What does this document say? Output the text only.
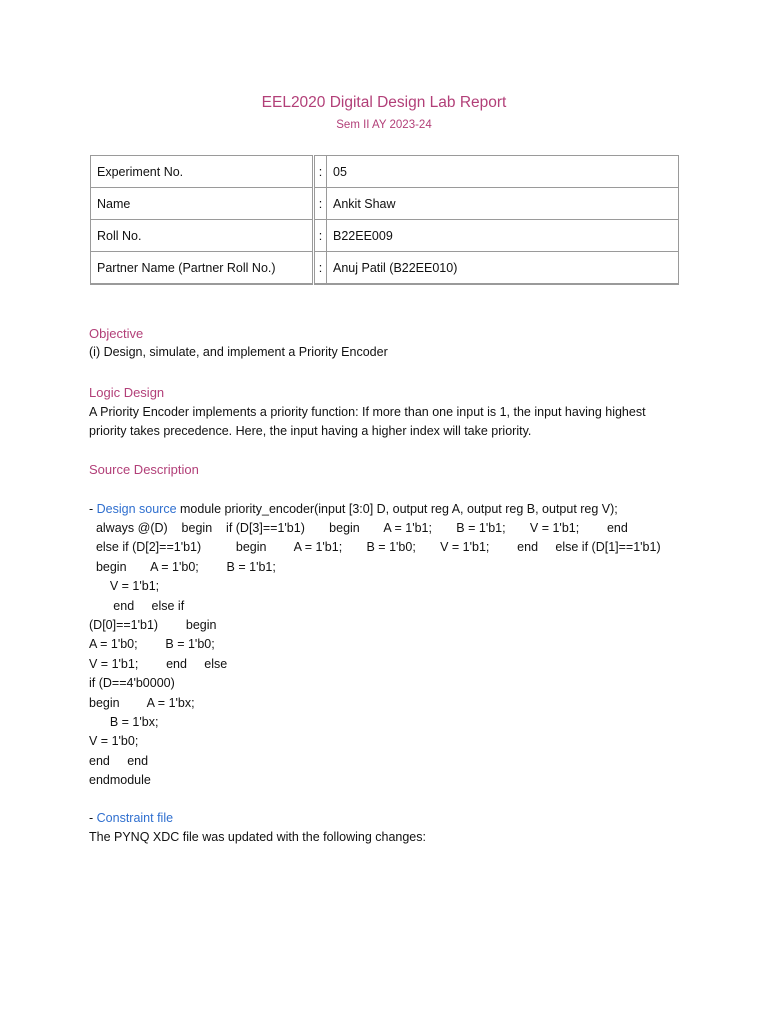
EEL2020 Digital Design Lab Report
Sem II AY 2023-24
Experiment No.	:	05
Name	:	Ankit Shaw
Roll No.	:	B22EE009
Partner Name (Partner Roll No.)	:	Anuj Patil (B22EE010)
Objective
(i) Design, simulate, and implement a Priority Encoder
Logic Design
A Priority Encoder implements a priority function: If more than one input is 1, the input having highest
priority takes precedence. Here, the input having a higher index will take priority.
Source Description
- Design source module priority_encoder(input [3:0] D, output reg A, output reg B, output reg V);
always @(D)    begin    if (D[3]==1'b1)       begin       A = 1'b1;       B = 1'b1;       V = 1'b1;        end
else if (D[2]==1'b1)          begin        A = 1'b1;       B = 1'b0;       V = 1'b1;        end     else if (D[1]==1'b1)
begin       A = 1'b0;        B = 1'b1;
V = 1'b1;
end     else if
(D[0]==1'b1)        begin
A = 1'b0;        B = 1'b0;
V = 1'b1;        end     else
if (D==4'b0000)
begin        A = 1'bx;
B = 1'bx;
V = 1'b0;
end     end
endmodule
- Constraint file
The PYNQ XDC file was updated with the following changes:
